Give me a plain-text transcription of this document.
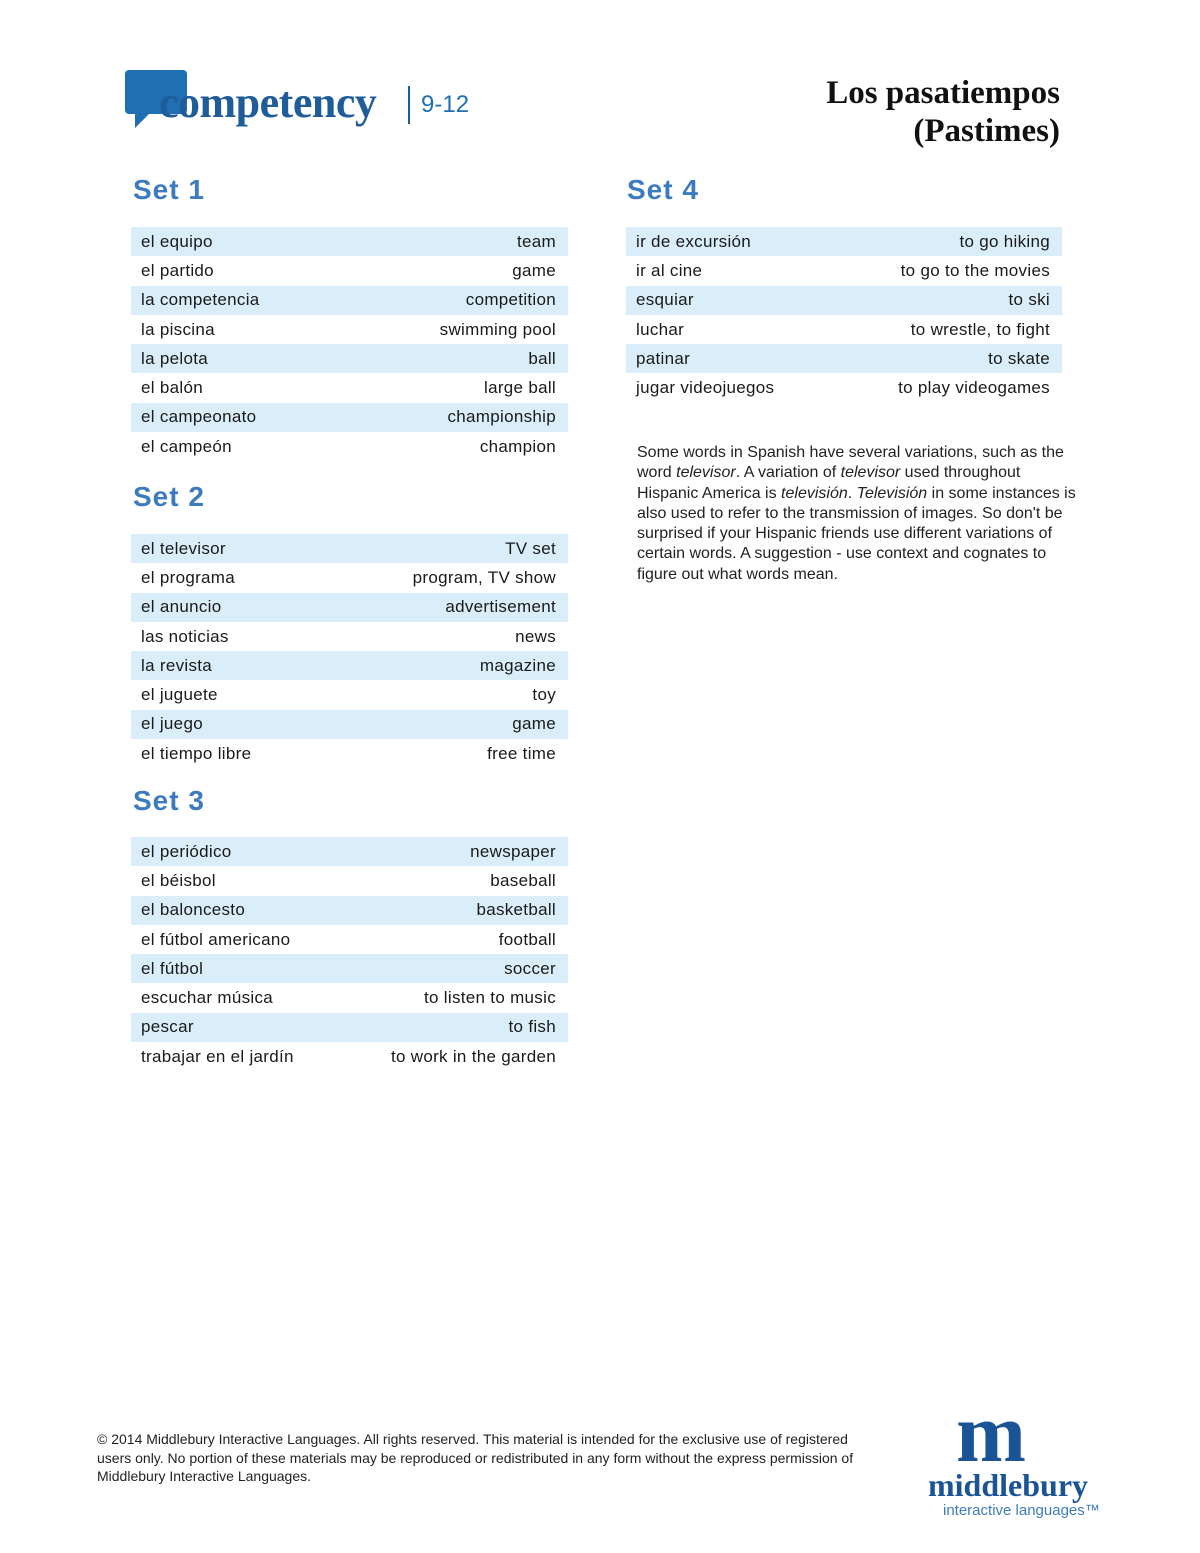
competency 9-12	Los pasatiempos
(Pastimes)
Set 1
el equipo	team
el partido	game
la competencia	competition
la piscina	swimming pool
la pelota	ball
el balón	large ball
el campeonato	championship
el campeón	champion
Set 2
el televisor	TV set
el programa	program, TV show
el anuncio	advertisement
las noticias	news
la revista	magazine
el juguete	toy
el juego	game
el tiempo libre	free time
Set 3
el periódico	newspaper
el béisbol	baseball
el baloncesto	basketball
el fútbol americano	football
el fútbol	soccer
escuchar música	to listen to music
pescar	to fish
trabajar en el jardín	to work in the garden
Set 4
ir de excursión	to go hiking
ir al cine	to go to the movies
esquiar	to ski
luchar	to wrestle, to fight
patinar	to skate
jugar videojuegos	to play videogames
Some words in Spanish have several variations, such as the word televisor. A variation of televisor used throughout Hispanic America is televisión. Televisión in some instances is also used to refer to the transmission of images. So don't be surprised if your Hispanic friends use different variations of certain words. A suggestion - use context and cognates to figure out what words mean.
© 2014 Middlebury Interactive Languages. All rights reserved. This material is intended for the exclusive use of registered users only. No portion of these materials may be reproduced or redistributed in any form without the express permission of Middlebury Interactive Languages.	m
middlebury
interactive languages™
